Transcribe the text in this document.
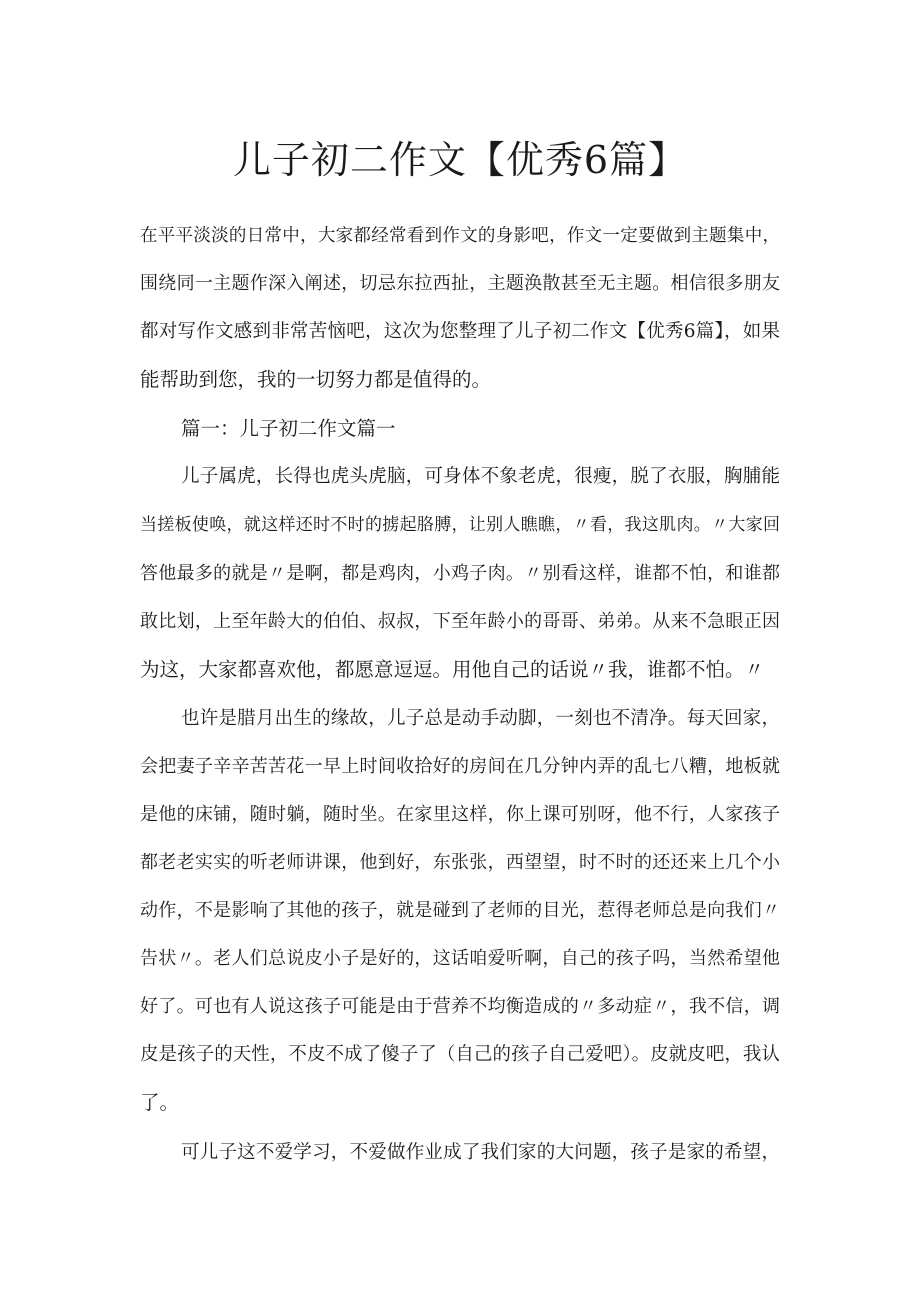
儿子初二作文【优秀6篇】
在平平淡淡的日常中，大家都经常看到作文的身影吧，作文一定要做到主题集中，
围绕同一主题作深入阐述，切忌东拉西扯，主题涣散甚至无主题。相信很多朋友
都对写作文感到非常苦恼吧，这次为您整理了儿子初二作文【优秀6篇】，如果
能帮助到您，我的一切努力都是值得的。
篇一：儿子初二作文篇一
儿子属虎，长得也虎头虎脑，可身体不象老虎，很瘦，脱了衣服，胸脯能
当搓板使唤，就这样还时不时的掳起胳膊，让别人瞧瞧，〃看，我这肌肉。〃大家回
答他最多的就是〃是啊，都是鸡肉，小鸡子肉。〃别看这样，谁都不怕，和谁都
敢比划，上至年龄大的伯伯、叔叔，下至年龄小的哥哥、弟弟。从来不急眼正因
为这，大家都喜欢他，都愿意逗逗。用他自己的话说〃我，谁都不怕。〃
也许是腊月出生的缘故，儿子总是动手动脚，一刻也不清净。每天回家，
会把妻子辛辛苦苦花一早上时间收拾好的房间在几分钟内弄的乱七八糟，地板就
是他的床铺，随时躺，随时坐。在家里这样，你上课可别呀，他不行，人家孩子
都老老实实的听老师讲课，他到好，东张张，西望望，时不时的还还来上几个小
动作，不是影响了其他的孩子，就是碰到了老师的目光，惹得老师总是向我们〃
告状〃。老人们总说皮小子是好的，这话咱爱听啊，自己的孩子吗，当然希望他
好了。可也有人说这孩子可能是由于营养不均衡造成的〃多动症〃，我不信，调
皮是孩子的天性，不皮不成了傻子了（自己的孩子自己爱吧）。皮就皮吧，我认
了。
可儿子这不爱学习，不爱做作业成了我们家的大问题，孩子是家的希望，
